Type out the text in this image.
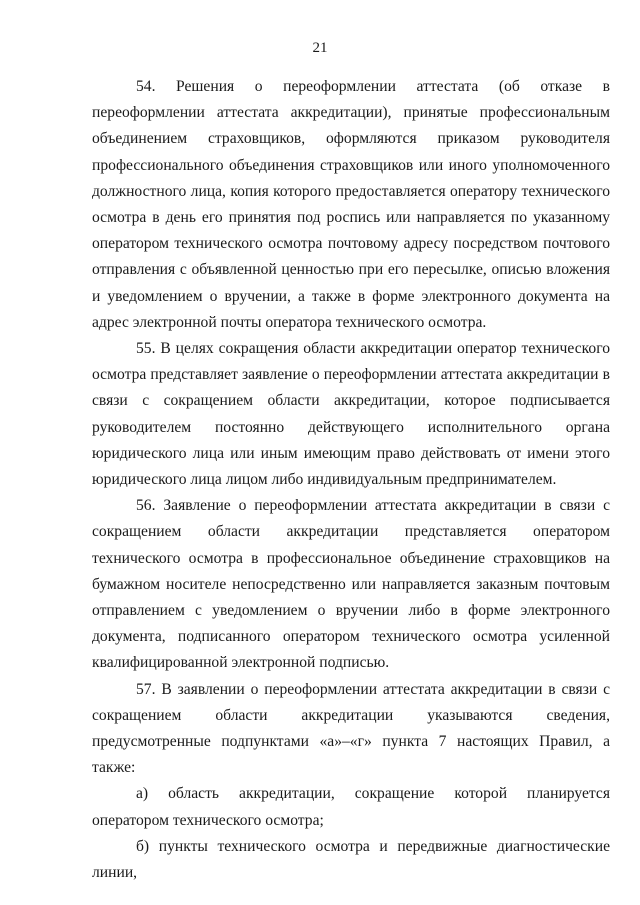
21

54. Решения о переоформлении аттестата (об отказе в переоформлении аттестата аккредитации), принятые профессиональным объединением страховщиков, оформляются приказом руководителя профессионального объединения страховщиков или иного уполномоченного должностного лица, копия которого предоставляется оператору технического осмотра в день его принятия под роспись или направляется по указанному оператором технического осмотра почтовому адресу посредством почтового отправления с объявленной ценностью при его пересылке, описью вложения и уведомлением о вручении, а также в форме электронного документа на адрес электронной почты оператора технического осмотра.

55. В целях сокращения области аккредитации оператор технического осмотра представляет заявление о переоформлении аттестата аккредитации в связи с сокращением области аккредитации, которое подписывается руководителем постоянно действующего исполнительного органа юридического лица или иным имеющим право действовать от имени этого юридического лица лицом либо индивидуальным предпринимателем.

56. Заявление о переоформлении аттестата аккредитации в связи с сокращением области аккредитации представляется оператором технического осмотра в профессиональное объединение страховщиков на бумажном носителе непосредственно или направляется заказным почтовым отправлением с уведомлением о вручении либо в форме электронного документа, подписанного оператором технического осмотра усиленной квалифицированной электронной подписью.

57. В заявлении о переоформлении аттестата аккредитации в связи с сокращением области аккредитации указываются сведения, предусмотренные подпунктами «а»–«г» пункта 7 настоящих Правил, а также:

а) область аккредитации, сокращение которой планируется оператором технического осмотра;

б) пункты технического осмотра и передвижные диагностические линии,
